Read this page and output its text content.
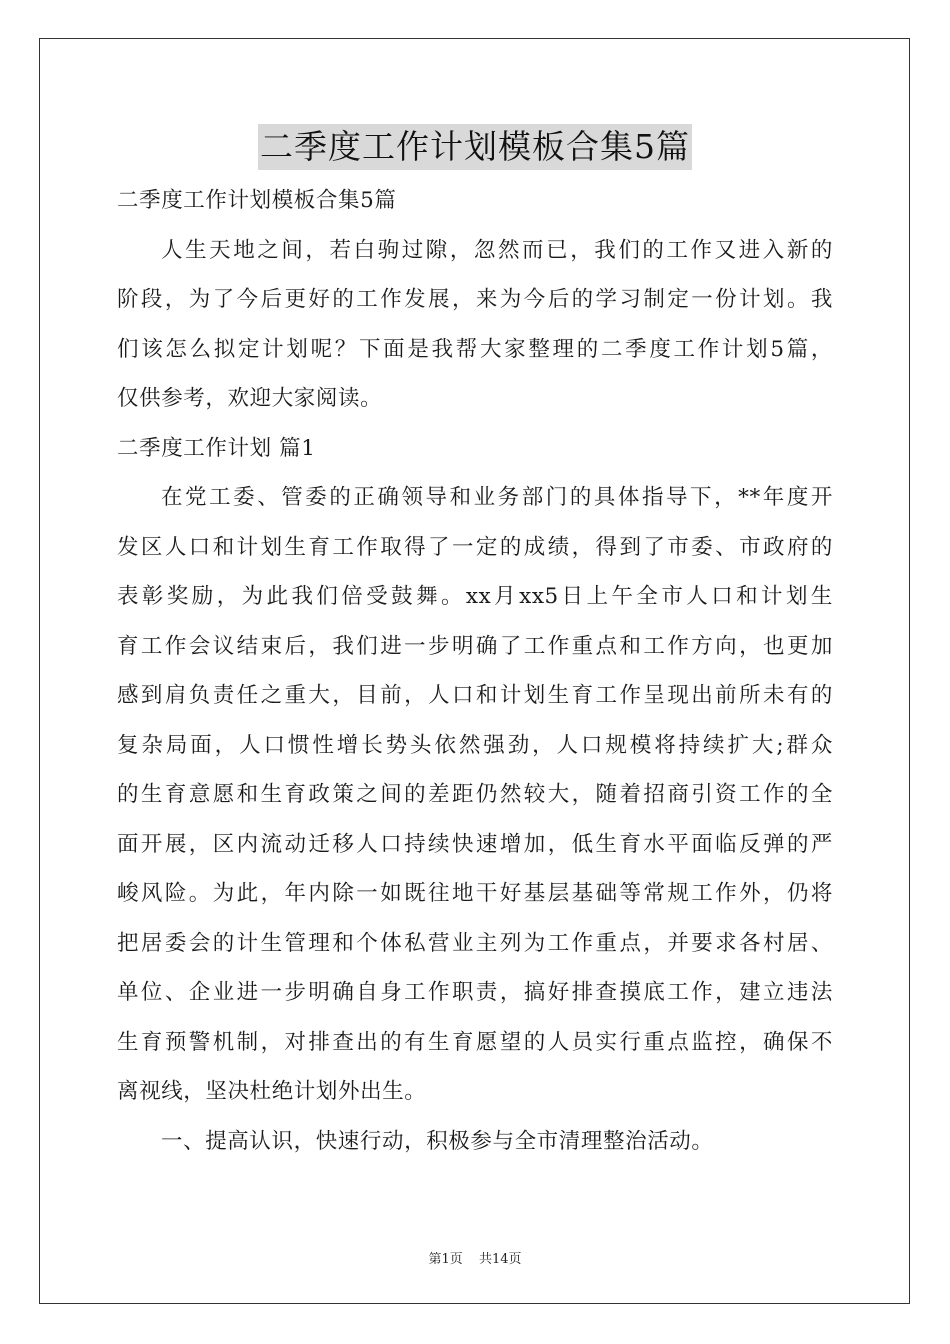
二季度工作计划模板合集5篇
二季度工作计划模板合集5篇
人生天地之间，若白驹过隙，忽然而已，我们的工作又进入新的
阶段，为了今后更好的工作发展，来为今后的学习制定一份计划。我
们该怎么拟定计划呢？下面是我帮大家整理的二季度工作计划5篇，
仅供参考，欢迎大家阅读。
二季度工作计划 篇1
在党工委、管委的正确领导和业务部门的具体指导下，**年度开
发区人口和计划生育工作取得了一定的成绩，得到了市委、市政府的
表彰奖励，为此我们倍受鼓舞。xx月xx5日上午全市人口和计划生
育工作会议结束后，我们进一步明确了工作重点和工作方向，也更加
感到肩负责任之重大，目前，人口和计划生育工作呈现出前所未有的
复杂局面，人口惯性增长势头依然强劲，人口规模将持续扩大;群众
的生育意愿和生育政策之间的差距仍然较大，随着招商引资工作的全
面开展，区内流动迁移人口持续快速增加，低生育水平面临反弹的严
峻风险。为此，年内除一如既往地干好基层基础等常规工作外，仍将
把居委会的计生管理和个体私营业主列为工作重点，并要求各村居、
单位、企业进一步明确自身工作职责，搞好排查摸底工作，建立违法
生育预警机制，对排查出的有生育愿望的人员实行重点监控，确保不
离视线，坚决杜绝计划外出生。
一、提高认识，快速行动，积极参与全市清理整治活动。
第1页 共14页
